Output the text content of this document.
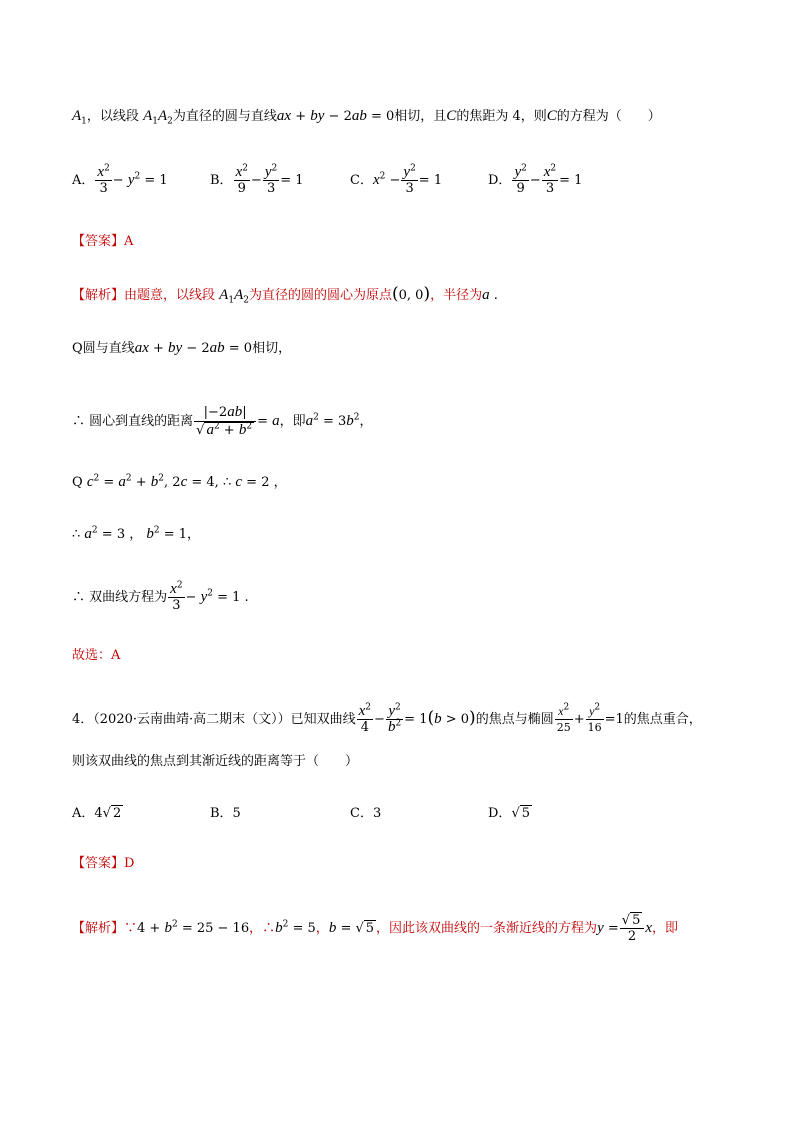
$A_1$，以线段 $A_1A_2$为直径的圆与直线ax + by − 2ab = 0相切，且C的焦距为 4，则C的方程为（　　）
A． $\frac{x^2}{3} - y^2 = 1$	B． $\frac{x^2}{9} - \frac{y^2}{3} = 1$	C．$x^2 - \frac{y^2}{3} = 1$	D． $\frac{y^2}{9} - \frac{x^2}{3} = 1$
【答案】A
【解析】由题意，以线段 $A_1A_2$为直径的圆的圆心为原点(0, 0)，半径为a .
Q圆与直线ax + by − 2ab = 0相切，
∴ 圆心到直线的距离 $\frac{|-2ab|}{√ a^2 + b^2} = a$，即$a^2 = 3b^2$，
Q $c^2 = a^2 + b^2$, 2c = 4, ∴ c = 2 ，
∴ $a^2 = 3$ ， $b^2 = 1$，
∴ 双曲线方程为 $\frac{x^2}{3} - y^2 = 1$ .
故选：A
4．（2020·云南曲靖·高二期末（文））已知双曲线 $\frac{x^2}{4} - \frac{y^2}{b^2} = 1(b > 0)$的焦点与椭圆 $\frac{x^2}{25} + \frac{y^2}{16} =1$的焦点重合，
则该双曲线的焦点到其渐近线的距离等于（　　）
A．4√ 2	B．5	C．3	D．√ 5
【答案】D
【解析】∵4 + $b^2 = 25 - 16$，$\therefore b^2 = 5$，b = √ 5 ，因此该双曲线的一条渐近线的方程为$y = \frac{√ 5}{2}$ x，即
